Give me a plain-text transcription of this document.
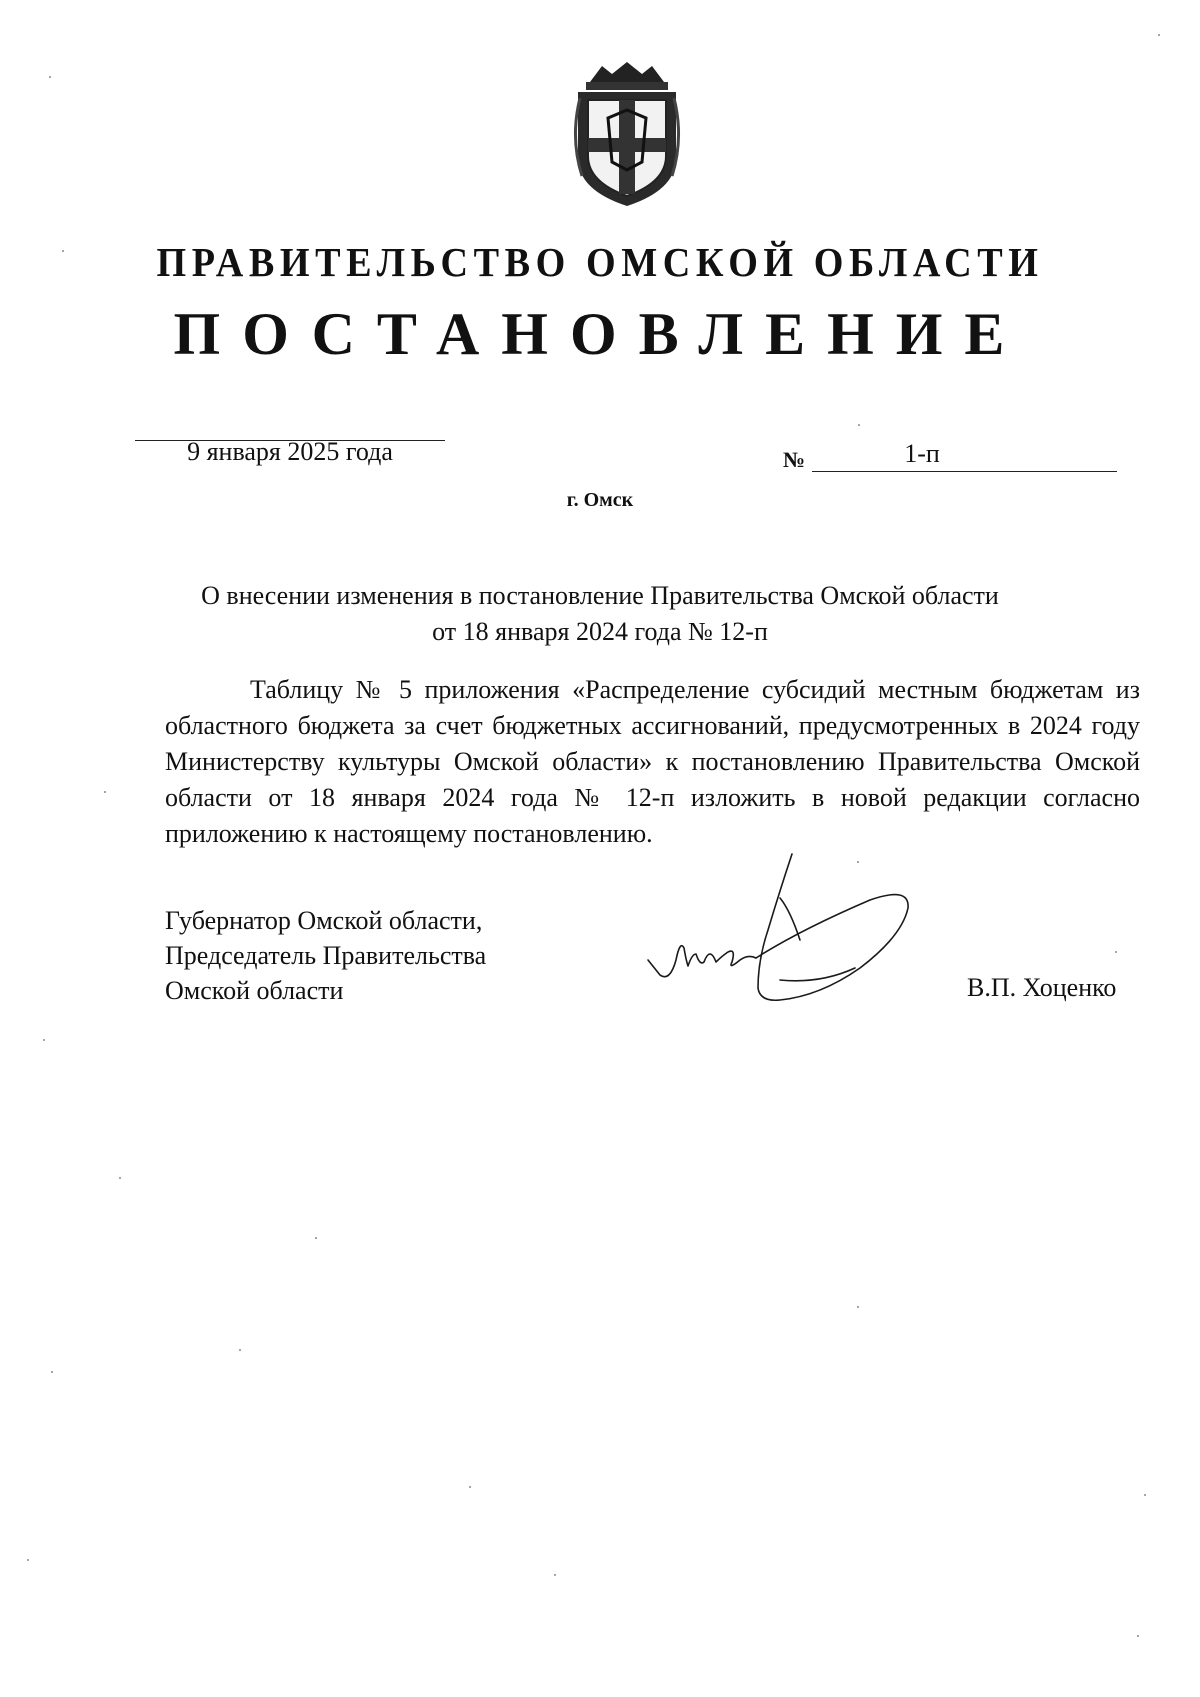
ПРАВИТЕЛЬСТВО ОМСКОЙ ОБЛАСТИ
ПОСТАНОВЛЕНИЕ
9 января 2025 года	№	1-п
г. Омск
О внесении изменения в постановление Правительства Омской области
от 18 января 2024 года № 12-п

Таблицу № 5 приложения «Распределение субсидий местным бюджетам из областного бюджета за счет бюджетных ассигнований, предусмотренных в 2024 году Министерству культуры Омской области» к постановлению Правительства Омской области от 18 января 2024 года № 12-п изложить в новой редакции согласно приложению к настоящему постановлению.

Губернатор Омской области,
Председатель Правительства
Омской области	В.П. Хоценко
